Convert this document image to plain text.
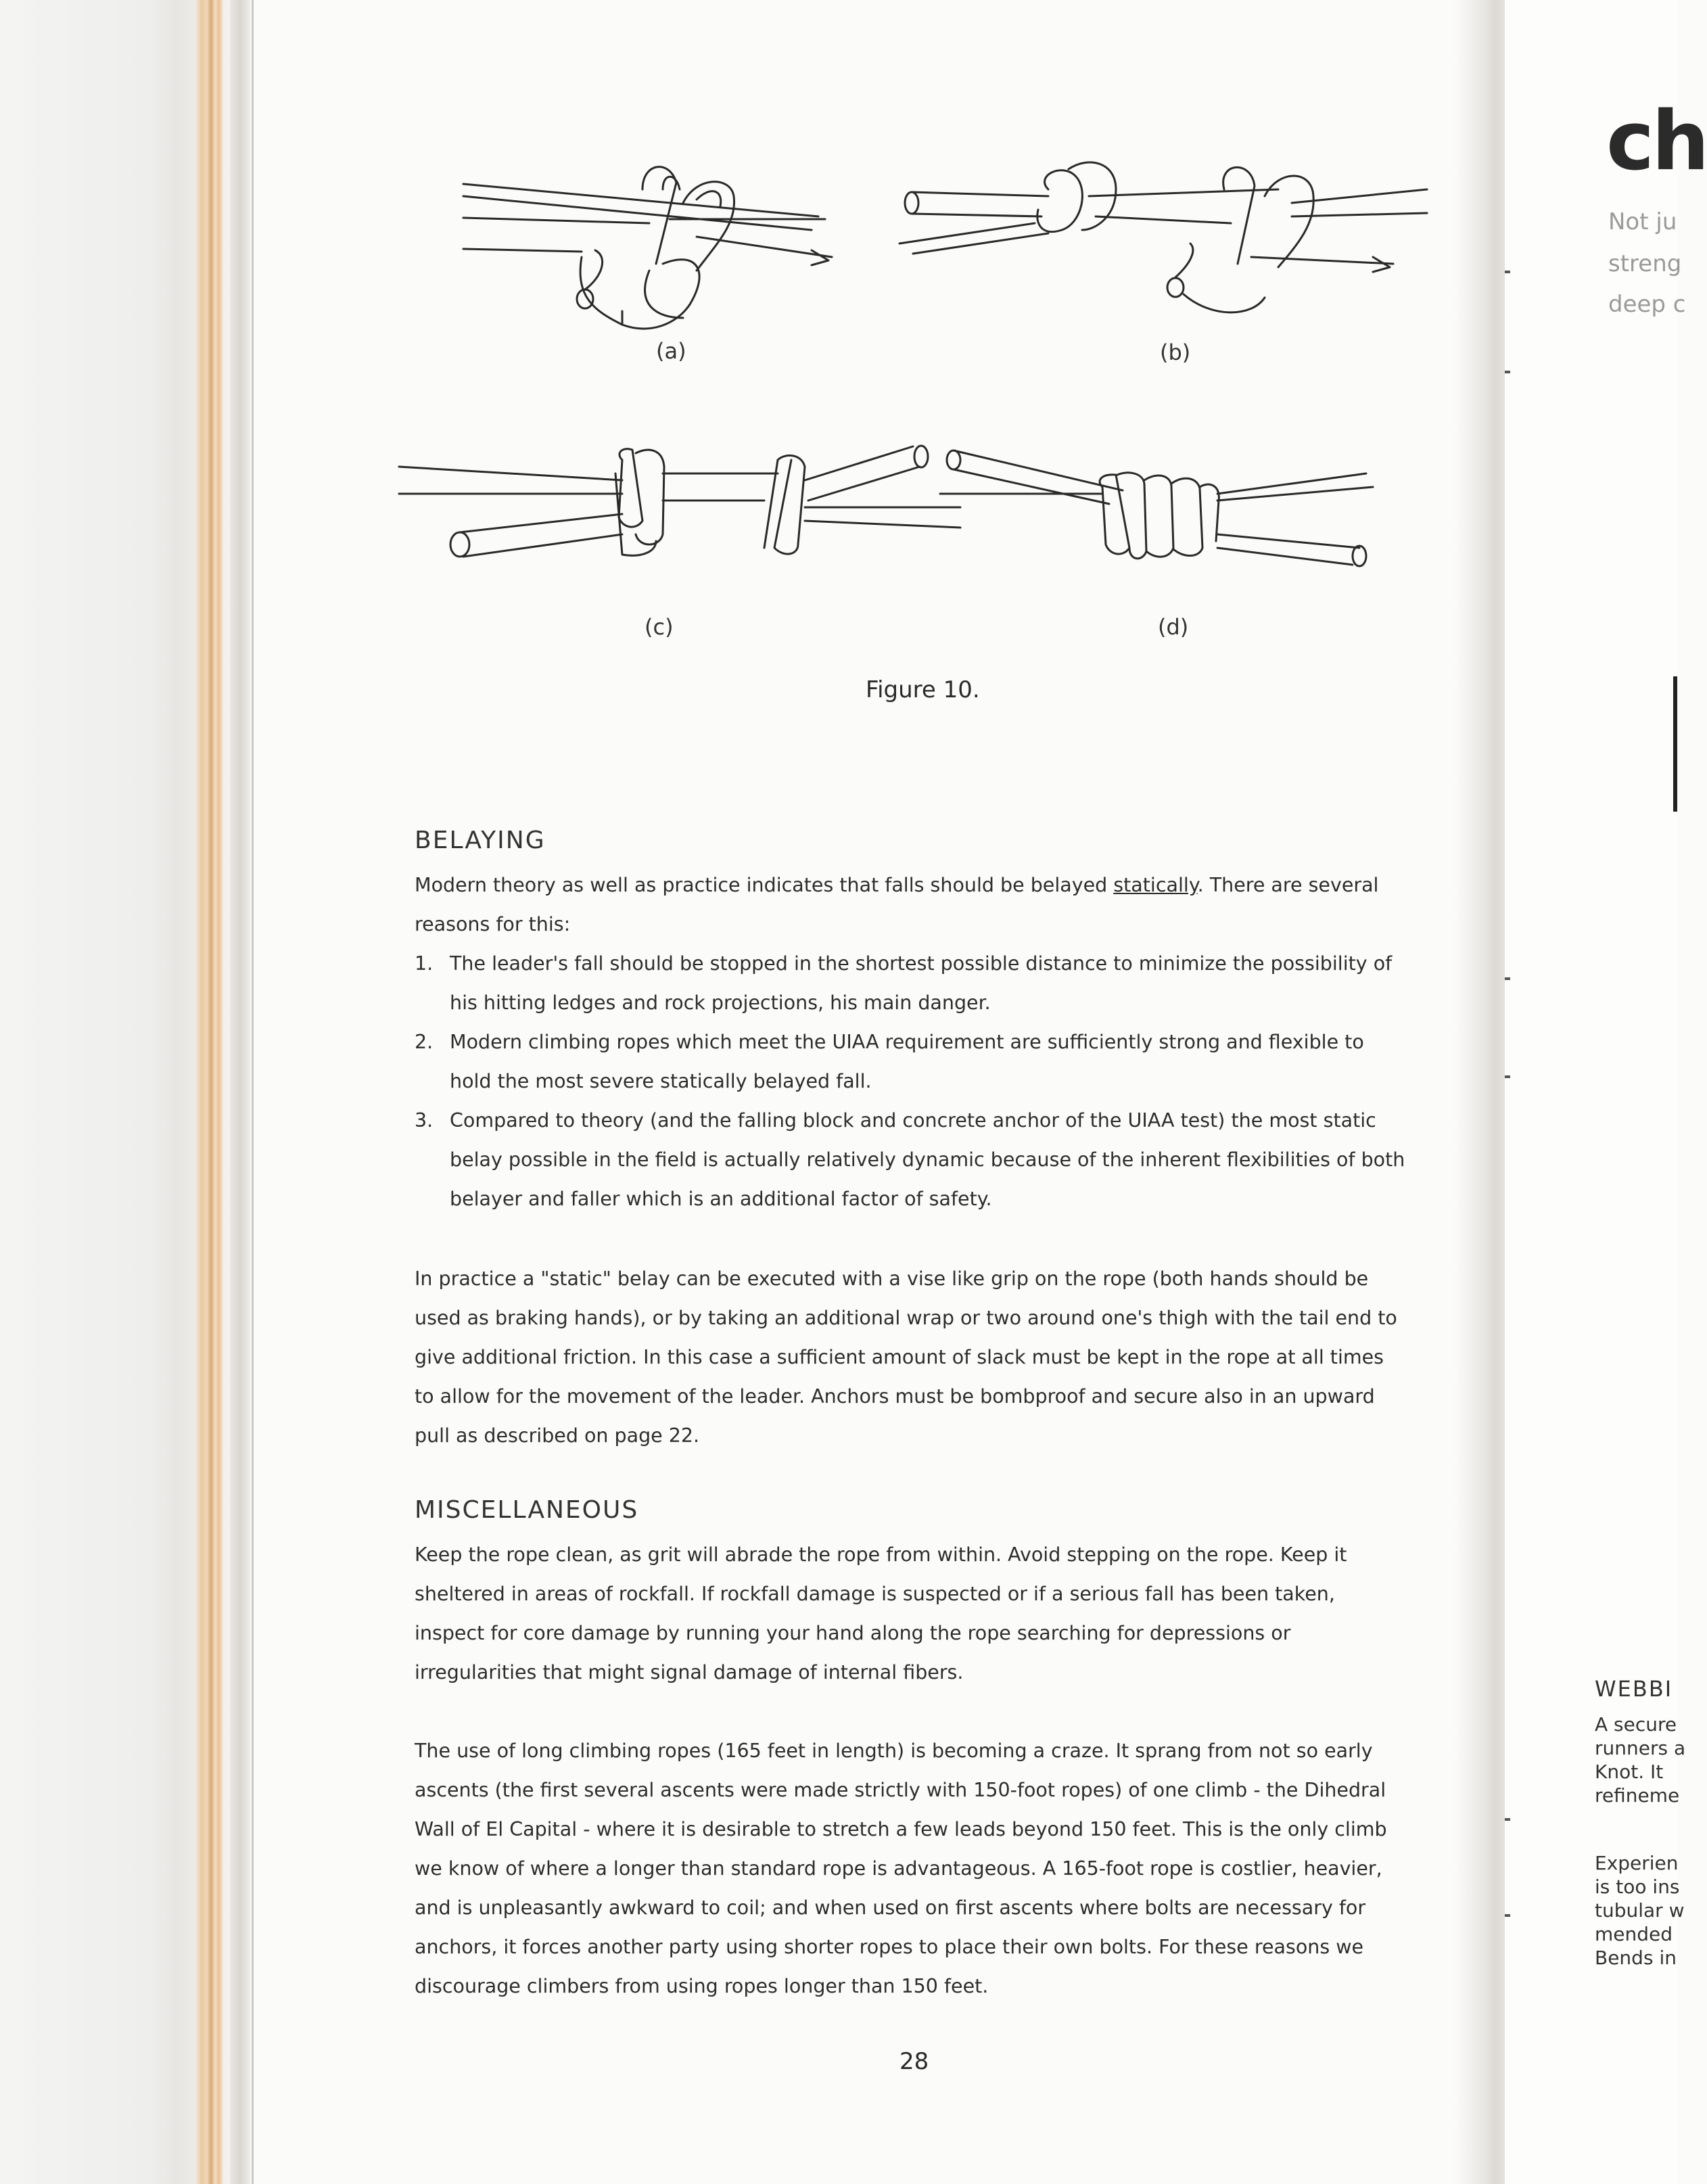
(a)	(b)
(c)	(d)

Figure 10.

BELAYING

Modern theory as well as practice indicates that falls should be belayed statically. There are several reasons for this:

1. The leader's fall should be stopped in the shortest possible distance to minimize the possibility of his hitting ledges and rock projections, his main danger.
2. Modern climbing ropes which meet the UIAA requirement are sufficiently strong and flexible to hold the most severe statically belayed fall.
3. Compared to theory (and the falling block and concrete anchor of the UIAA test) the most static belay possible in the field is actually relatively dynamic because of the inherent flexibilities of both belayer and faller which is an additional factor of safety.

In practice a "static" belay can be executed with a vise like grip on the rope (both hands should be used as braking hands), or by taking an additional wrap or two around one's thigh with the tail end to give additional friction. In this case a sufficient amount of slack must be kept in the rope at all times to allow for the movement of the leader. Anchors must be bombproof and secure also in an upward pull as described on page 22.

MISCELLANEOUS

Keep the rope clean, as grit will abrade the rope from within. Avoid stepping on the rope. Keep it sheltered in areas of rockfall. If rockfall damage is suspected or if a serious fall has been taken, inspect for core damage by running your hand along the rope searching for depressions or irregularities that might signal damage of internal fibers.

The use of long climbing ropes (165 feet in length) is becoming a craze. It sprang from not so early ascents (the first several ascents were made strictly with 150-foot ropes) of one climb - the Dihedral Wall of El Capital - where it is desirable to stretch a few leads beyond 150 feet. This is the only climb we know of where a longer than standard rope is advantageous. A 165-foot rope is costlier, heavier, and is unpleasantly awkward to coil; and when used on first ascents where bolts are necessary for anchors, it forces another party using shorter ropes to place their own bolts. For these reasons we discourage climbers from using ropes longer than 150 feet.

28

ch

Not ju

streng

deep c

WEBBI

A secure

runners a

Knot. It

refineme

Experien

is too ins

tubular w

mended

Bends in
